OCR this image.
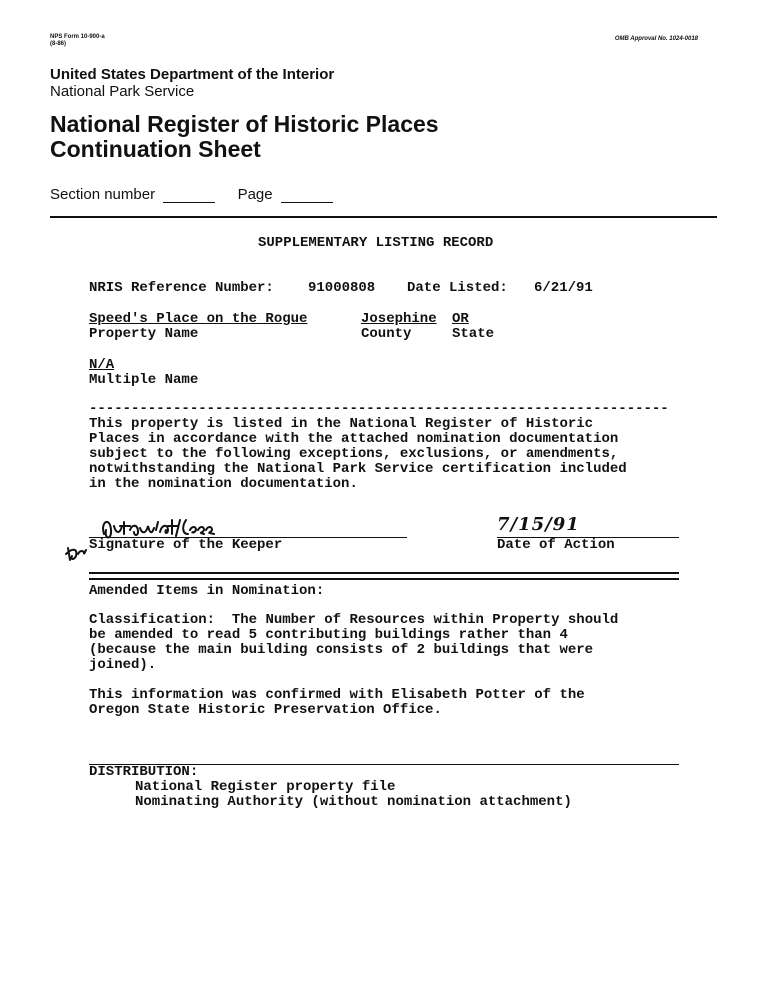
NPS Form 10-900-a
(8-86)
OMB Approval No. 1024-0018
United States Department of the Interior
National Park Service
National Register of Historic Places
Continuation Sheet
Section number	Page
SUPPLEMENTARY LISTING RECORD
NRIS Reference Number: 91000808 Date Listed: 6/21/91
Speed's Place on the Rogue	Josephine OR
Property Name	County	State
N/A
Multiple Name
---------------------------------------------------------------------
This property is listed in the National Register of Historic
Places in accordance with the attached nomination documentation
subject to the following exceptions, exclusions, or amendments,
notwithstanding the National Park Service certification included
in the nomination documentation.
Signature of the Keeper
7/15/91
Date of Action
Amended Items in Nomination:
Classification:  The Number of Resources within Property should
be amended to read 5 contributing buildings rather than 4
(because the main building consists of 2 buildings that were
joined).
This information was confirmed with Elisabeth Potter of the
Oregon State Historic Preservation Office.
DISTRIBUTION:
National Register property file
Nominating Authority (without nomination attachment)
